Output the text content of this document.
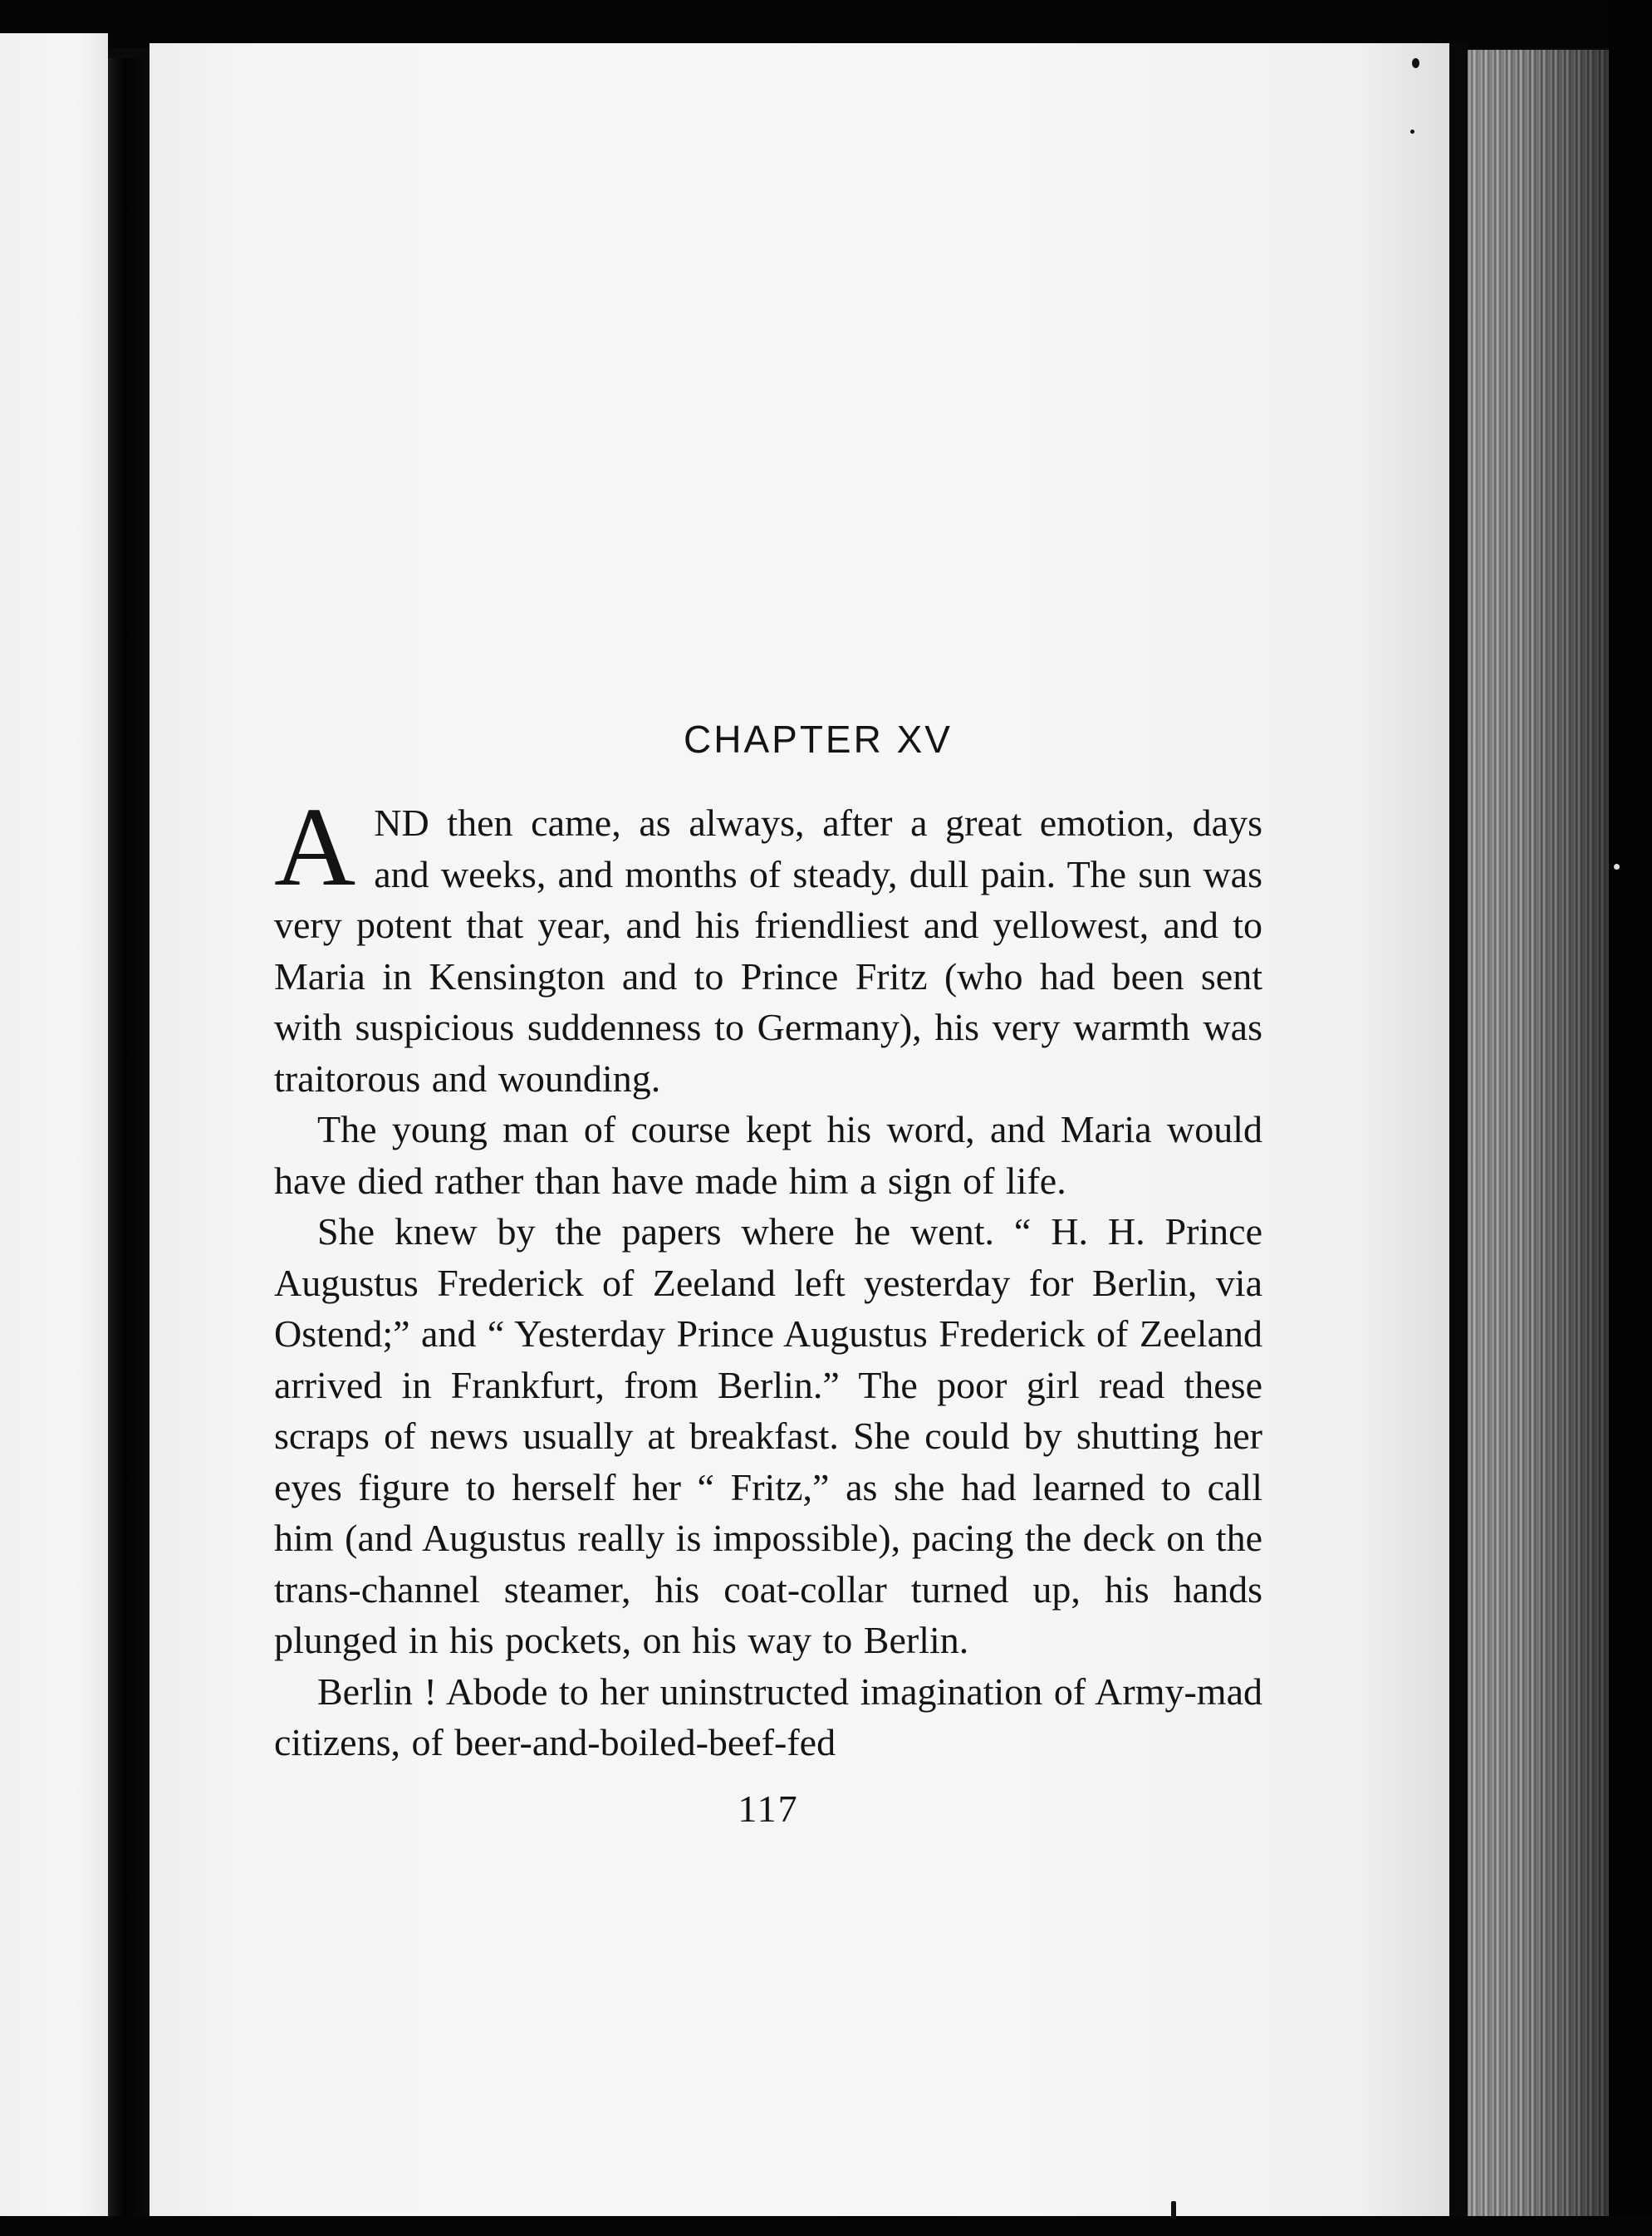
CHAPTER XV

AND then came, as always, after a great emotion, days and weeks, and months of steady, dull pain. The sun was very potent that year, and his friendliest and yellowest, and to Maria in Kensington and to Prince Fritz (who had been sent with suspicious suddenness to Germany), his very warmth was traitorous and wounding.

The young man of course kept his word, and Maria would have died rather than have made him a sign of life.

She knew by the papers where he went. “ H. H. Prince Augustus Frederick of Zeeland left yesterday for Berlin, via Ostend;” and “ Yesterday Prince Augustus Frederick of Zeeland arrived in Frankfurt, from Berlin.” The poor girl read these scraps of news usually at breakfast. She could by shutting her eyes figure to herself her “ Fritz,” as she had learned to call him (and Augustus really is impossible), pacing the deck on the trans-channel steamer, his coat-collar turned up, his hands plunged in his pockets, on his way to Berlin.

Berlin ! Abode to her uninstructed imagination of Army-mad citizens, of beer-and-boiled-beef-fed

117
